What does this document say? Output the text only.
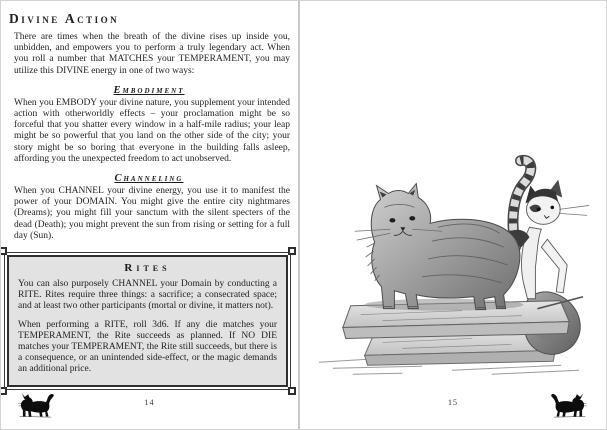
Divine Action

There are times when the breath of the divine rises up inside you, unbidden, and empowers you to perform a truly legendary act. When you roll a number that MATCHES your TEMPERAMENT, you may utilize this DIVINE energy in one of two ways:

Embodiment

When you EMBODY your divine nature, you supplement your intended action with otherworldly effects – your proclamation might be so forceful that you shatter every window in a half-mile radius; your leap might be so powerful that you land on the other side of the city; your story might be so boring that everyone in the building falls asleep, affording you the unexpected freedom to act unobserved.

Channeling

When you CHANNEL your divine energy, you use it to manifest the power of your DOMAIN. You might give the entire city nightmares (Dreams); you might fill your sanctum with the silent specters of the dead (Death); you might prevent the sun from rising or setting for a full day (Sun).

Rites

You can also purposely CHANNEL your Domain by conducting a RITE. Rites require three things: a sacrifice; a consecrated space; and at least two other participants (mortal or divine, it matters not).

When performing a RITE, roll 3d6. If any die matches your TEMPERAMENT, the Rite succeeds as planned. If NO DIE matches your TEMPERAMENT, the Rite still succeeds, but there is a consequence, or an unintended side-effect, or the magic demands an additional price.

14	15
